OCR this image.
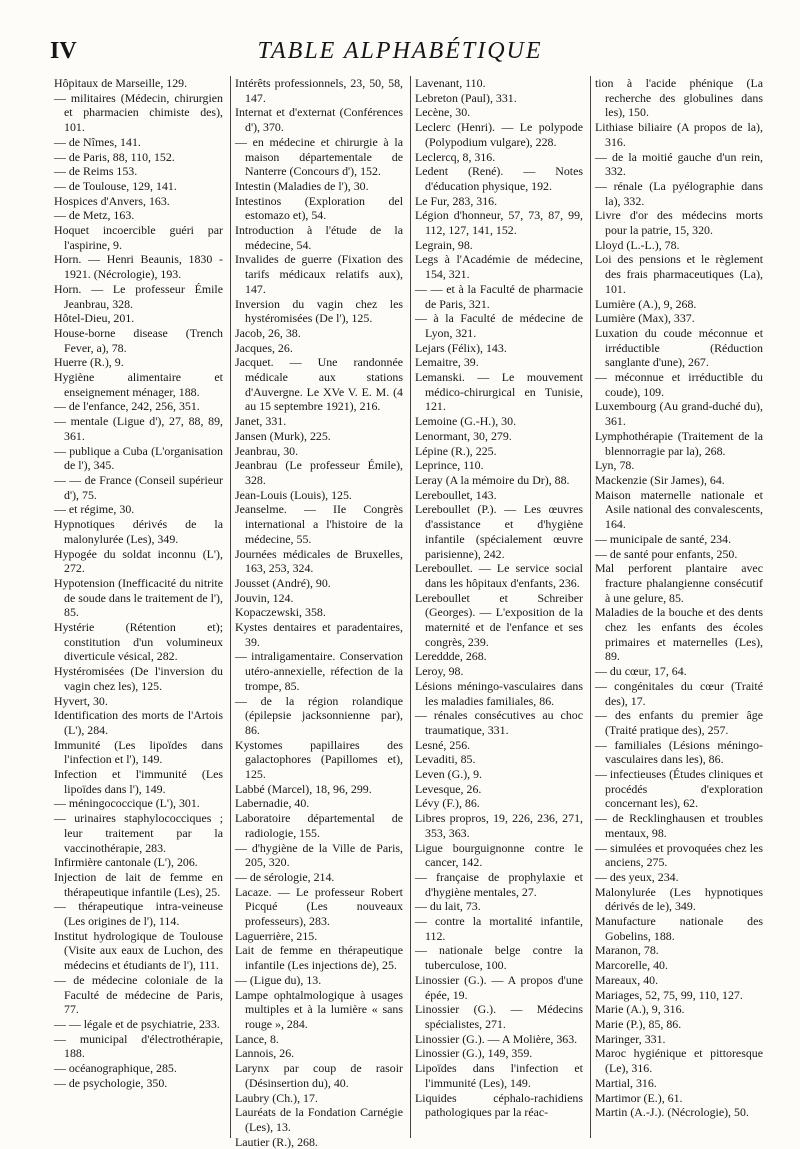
IV	TABLE ALPHABÉTIQUE

Hôpitaux de Marseille, 129.

— militaires (Médecin, chirurgien et pharmacien chimiste des), 101.

— de Nîmes, 141.

— de Paris, 88, 110, 152.

— de Reims 153.

— de Toulouse, 129, 141.

Hospices d'Anvers, 163.

— de Metz, 163.

Hoquet incoercible guéri par l'aspirine, 9.

Horn. — Henri Beaunis, 1830 - 1921. (Nécrologie), 193.

Horn. — Le professeur Émile Jeanbrau, 328.

Hôtel-Dieu, 201.

House-borne disease (Trench Fever, a), 78.

Huerre (R.), 9.

Hygiène alimentaire et enseignement ménager, 188.

— de l'enfance, 242, 256, 351.

— mentale (Ligue d'), 27, 88, 89, 361.

— publique a Cuba (L'organisation de l'), 345.

— — de France (Conseil supérieur d'), 75.

— et régime, 30.

Hypnotiques dérivés de la malonylurée (Les), 349.

Hypogée du soldat inconnu (L'), 272.

Hypotension (Inefficacité du nitrite de soude dans le traitement de l'), 85.

Hystérie (Rétention et); constitution d'un volumineux diverticule vésical, 282.

Hystéromisées (De l'inversion du vagin chez les), 125.

Hyvert, 30.

Identification des morts de l'Artois (L'), 284.

Immunité (Les lipoïdes dans l'infection et l'), 149.

Infection et l'immunité (Les lipoïdes dans l'), 149.

— méningococcique (L'), 301.

— urinaires staphylococciques ; leur traitement par la vaccinothérapie, 283.

Infirmière cantonale (L'), 206.

Injection de lait de femme en thérapeutique infantile (Les), 25.

— thérapeutique intra-veineuse (Les origines de l'), 114.

Institut hydrologique de Toulouse (Visite aux eaux de Luchon, des médecins et étudiants de l'), 111.

— de médecine coloniale de la Faculté de médecine de Paris, 77.

— — légale et de psychiatrie, 233.

— municipal d'électrothérapie, 188.

— océanographique, 285.

— de psychologie, 350.

Intérêts professionnels, 23, 50, 58, 147.

Internat et d'externat (Conférences d'), 370.

— en médecine et chirurgie à la maison départementale de Nanterre (Concours d'), 152.

Intestin (Maladies de l'), 30.

Intestinos (Exploration del estomazo et), 54.

Introduction à l'étude de la médecine, 54.

Invalides de guerre (Fixation des tarifs médicaux relatifs aux), 147.

Inversion du vagin chez les hystéromisées (De l'), 125.

Jacob, 26, 38.

Jacques, 26.

Jacquet. — Une randonnée médicale aux stations d'Auvergne. Le XVe V. E. M. (4 au 15 septembre 1921), 216.

Janet, 331.

Jansen (Murk), 225.

Jeanbrau, 30.

Jeanbrau (Le professeur Émile), 328.

Jean-Louis (Louis), 125.

Jeanselme. — IIe Congrès international a l'histoire de la médecine, 55.

Journées médicales de Bruxelles, 163, 253, 324.

Jousset (André), 90.

Jouvin, 124.

Kopaczewski, 358.

Kystes dentaires et paradentaires, 39.

— intraligamentaire. Conservation utéro-annexielle, réfection de la trompe, 85.

— de la région rolandique (épilepsie jacksonnienne par), 86.

Kystomes papillaires des galactophores (Papillomes et), 125.

Labbé (Marcel), 18, 96, 299.

Labernadie, 40.

Laboratoire départemental de radiologie, 155.

— d'hygiène de la Ville de Paris, 205, 320.

— de sérologie, 214.

Lacaze. — Le professeur Robert Picqué (Les nouveaux professeurs), 283.

Laguerrière, 215.

Lait de femme en thérapeutique infantile (Les injections de), 25.

— (Ligue du), 13.

Lampe ophtalmologique à usages multiples et à la lumière « sans rouge », 284.

Lance, 8.

Lannois, 26.

Larynx par coup de rasoir (Désinsertion du), 40.

Laubry (Ch.), 17.

Lauréats de la Fondation Carnégie (Les), 13.

Lautier (R.), 268.

Lavenant, 110.

Lebreton (Paul), 331.

Lecène, 30.

Leclerc (Henri). — Le polypode (Polypodium vulgare), 228.

Leclercq, 8, 316.

Ledent (René). — Notes d'éducation physique, 192.

Le Fur, 283, 316.

Légion d'honneur, 57, 73, 87, 99, 112, 127, 141, 152.

Legrain, 98.

Legs à l'Académie de médecine, 154, 321.

— — et à la Faculté de pharmacie de Paris, 321.

— à la Faculté de médecine de Lyon, 321.

Lejars (Félix), 143.

Lemaitre, 39.

Lemanski. — Le mouvement médico-chirurgical en Tunisie, 121.

Lemoine (G.-H.), 30.

Lenormant, 30, 279.

Lépine (R.), 225.

Leprince, 110.

Leray (A la mémoire du Dr), 88.

Lereboullet, 143.

Lereboullet (P.). — Les œuvres d'assistance et d'hygiène infantile (spécialement œuvre parisienne), 242.

Lereboullet. — Le service social dans les hôpitaux d'enfants, 236.

Lereboullet et Schreiber (Georges). — L'exposition de la maternité et de l'enfance et ses congrès, 239.

Lereddde, 268.

Leroy, 98.

Lésions méningo-vasculaires dans les maladies familiales, 86.

— rénales consécutives au choc traumatique, 331.

Lesné, 256.

Levaditi, 85.

Leven (G.), 9.

Levesque, 26.

Lévy (F.), 86.

Libres propros, 19, 226, 236, 271, 353, 363.

Ligue bourguignonne contre le cancer, 142.

— française de prophylaxie et d'hygiène mentales, 27.

— du lait, 73.

— contre la mortalité infantile, 112.

— nationale belge contre la tuberculose, 100.

Linossier (G.). — A propos d'une épée, 19.

Linossier (G.). — Médecins spécialistes, 271.

Linossier (G.). — A Molière, 363.

Linossier (G.), 149, 359.

Lipoïdes dans l'infection et l'immunité (Les), 149.

Liquides céphalo-rachidiens pathologiques par la réac-

tion à l'acide phénique (La recherche des globulines dans les), 150.

Lithiase biliaire (A propos de la), 316.

— de la moitié gauche d'un rein, 332.

— rénale (La pyélographie dans la), 332.

Livre d'or des médecins morts pour la patrie, 15, 320.

Lloyd (L.-L.), 78.

Loi des pensions et le règlement des frais pharmaceutiques (La), 101.

Lumière (A.), 9, 268.

Lumière (Max), 337.

Luxation du coude méconnue et irréductible (Réduction sanglante d'une), 267.

— méconnue et irréductible du coude), 109.

Luxembourg (Au grand-duché du), 361.

Lymphothérapie (Traitement de la blennorragie par la), 268.

Lyn, 78.

Mackenzie (Sir James), 64.

Maison maternelle nationale et Asile national des convalescents, 164.

— municipale de santé, 234.

— de santé pour enfants, 250.

Mal perforent plantaire avec fracture phalangienne consécutif à une gelure, 85.

Maladies de la bouche et des dents chez les enfants des écoles primaires et maternelles (Les), 89.

— du cœur, 17, 64.

— congénitales du cœur (Traité des), 17.

— des enfants du premier âge (Traité pratique des), 257.

— familiales (Lésions méningo-vasculaires dans les), 86.

— infectieuses (Études cliniques et procédés d'exploration concernant les), 62.

— de Recklinghausen et troubles mentaux, 98.

— simulées et provoquées chez les anciens, 275.

— des yeux, 234.

Malonylurée (Les hypnotiques dérivés de le), 349.

Manufacture nationale des Gobelins, 188.

Maranon, 78.

Marcorelle, 40.

Mareaux, 40.

Mariages, 52, 75, 99, 110, 127.

Marie (A.), 9, 316.

Marie (P.), 85, 86.

Maringer, 331.

Maroc hygiénique et pittoresque (Le), 316.

Martial, 316.

Martimor (E.), 61.

Martin (A.-J.). (Nécrologie), 50.
